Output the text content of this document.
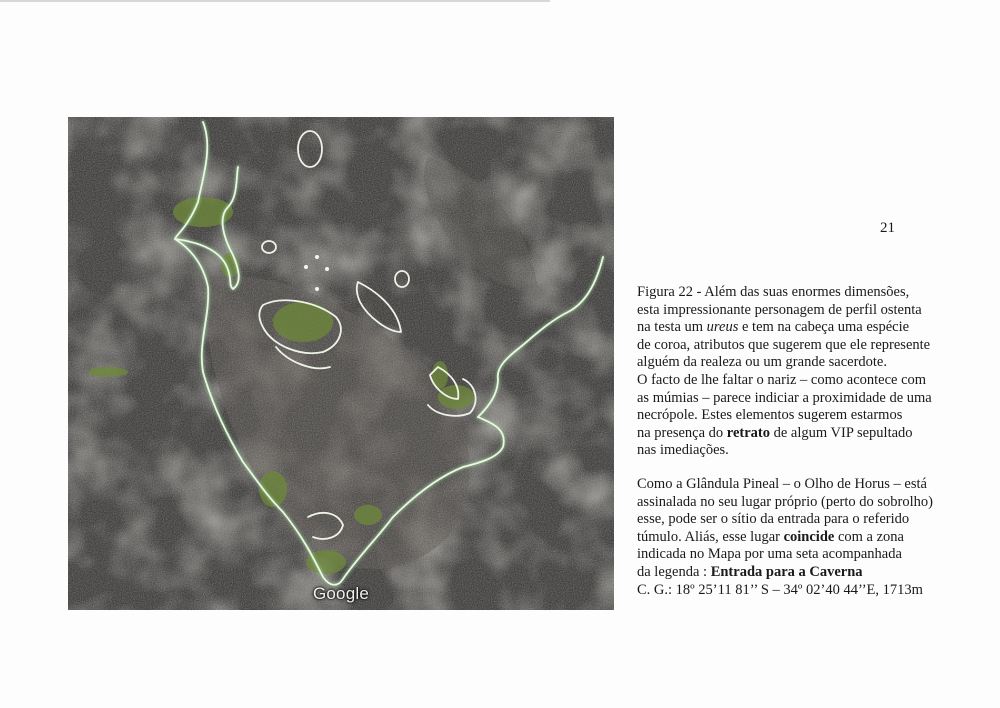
Google
21

Figura 22 - Além das suas enormes dimensões,

esta impressionante personagem de perfil ostenta

na testa um ureus e tem na cabeça uma espécie

de coroa, atributos que sugerem que ele represente

alguém da realeza ou um grande sacerdote.

O facto de lhe faltar o nariz – como acontece com

as múmias – parece indiciar a proximidade de uma

necrópole. Estes elementos sugerem estarmos

na presença do retrato de algum VIP sepultado

nas imediações.

Como a Glândula Pineal – o Olho de Horus – está

assinalada no seu lugar próprio (perto do sobrolho)

esse, pode ser o sítio da entrada para o referido

túmulo. Aliás, esse lugar coincide com a zona

indicada no Mapa por uma seta acompanhada

da legenda : Entrada para a Caverna

C. G.: 18º 25’11 81’’ S – 34º 02’40 44’’E, 1713m
